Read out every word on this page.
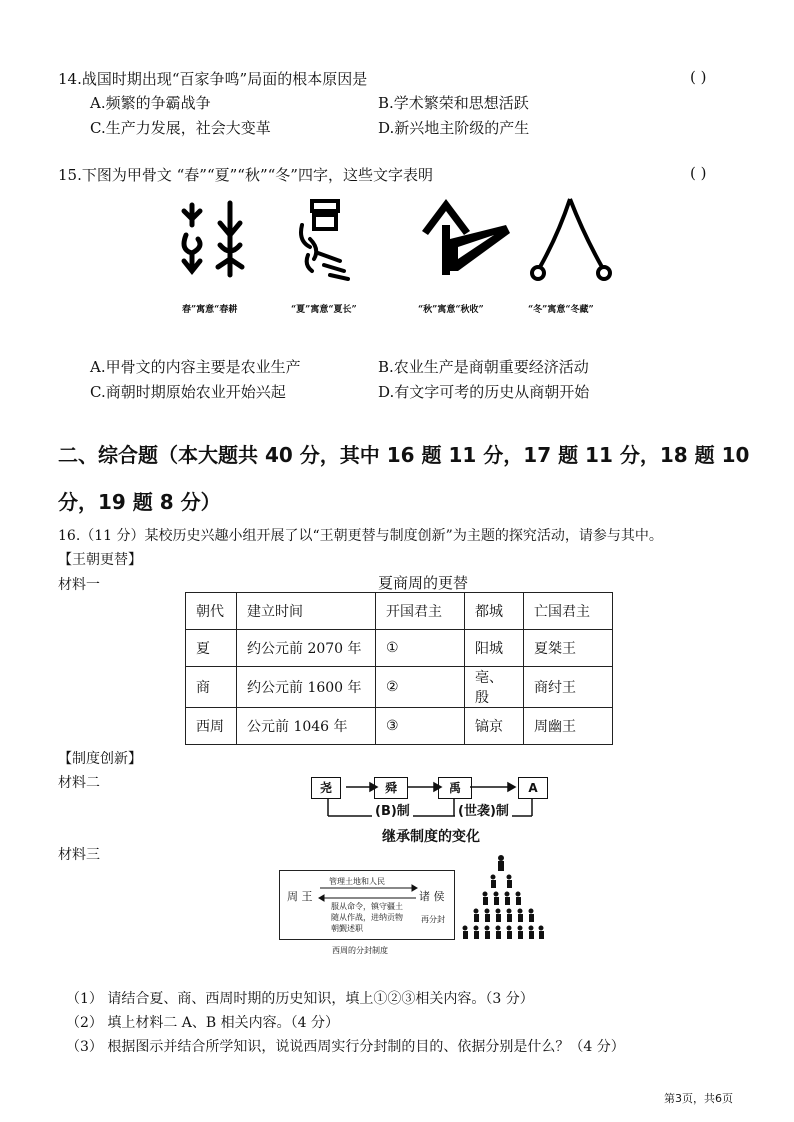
14.战国时期出现“百家争鸣”局面的根本原因是	( )
A.频繁的争霸战争	B.学术繁荣和思想活跃
C.生产力发展，社会大变革	D.新兴地主阶级的产生
15.下图为甲骨文 “春”“夏”“秋”“冬”四字，这些文字表明	( )
春”寓意“春耕	“夏”寓意“夏长”	“秋”寓意“秋收”	“冬”寓意“冬藏”
A.甲骨文的内容主要是农业生产	B.农业生产是商朝重要经济活动
C.商朝时期原始农业开始兴起	D.有文字可考的历史从商朝开始
二、综合题（本大题共 40 分，其中 16 题 11 分，17 题 11 分，18 题 10
分，19 题 8 分）
16.（11 分）某校历史兴趣小组开展了以“王朝更替与制度创新”为主题的探究活动，请参与其中。
【王朝更替】
材料一	夏商周的更替
朝代	建立时间	开国君主	都城	亡国君主
夏	约公元前 2070 年	①	阳城	夏桀王
商	约公元前 1600 年	②	亳、殷	商纣王
西周	公元前 1046 年	③	镐京	周幽王
【制度创新】
材料二	尧	舜	禹	A
(B)制	(世袭)制
继承制度的变化
材料三
管理土地和人民
周 王	诸 侯
服从命令，镇守疆土
随从作战，进纳贡物
朝觐述职
再分封
西周的分封制度
（1） 请结合夏、商、西周时期的历史知识，填上①②③相关内容。（3 分）
（2） 填上材料二 A、B 相关内容。（4 分）
（3） 根据图示并结合所学知识，说说西周实行分封制的目的、依据分别是什么？（4 分）
第3页，共6页
